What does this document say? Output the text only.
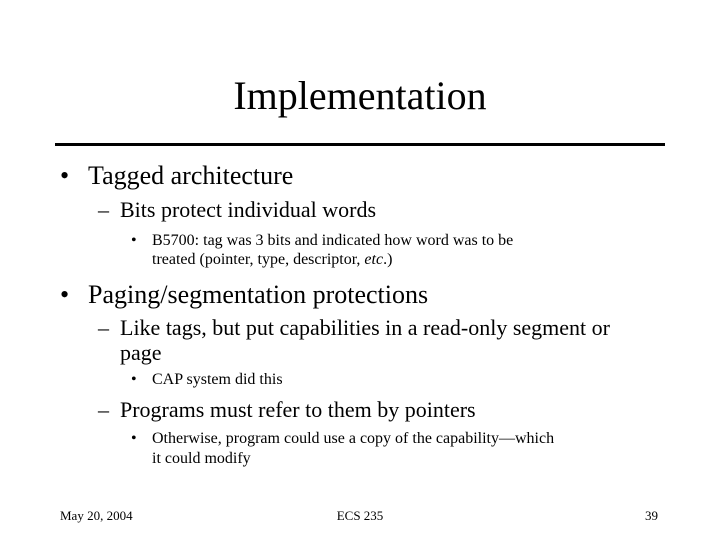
Implementation
• Tagged architecture
– Bits protect individual words
• B5700: tag was 3 bits and indicated how word was to be
treated (pointer, type, descriptor, etc.)
• Paging/segmentation protections
– Like tags, but put capabilities in a read-only segment or
page
• CAP system did this
– Programs must refer to them by pointers
• Otherwise, program could use a copy of the capability—which
it could modify
May 20, 2004	ECS 235	39
